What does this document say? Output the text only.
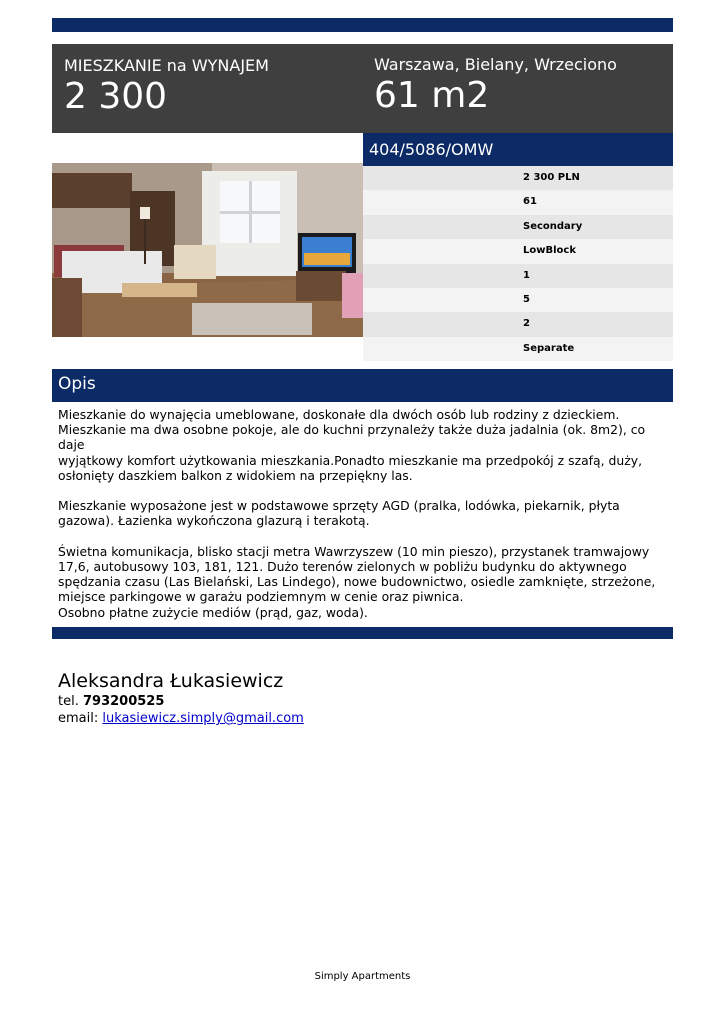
MIESZKANIE na WYNAJEM
2 300
Warszawa, Bielany, Wrzeciono
61 m2
404/5086/OMW
2 300 PLN
61
Secondary
LowBlock
1
5
2
Separate
Opis

Mieszkanie do wynajęcia umeblowane, doskonałe dla dwóch osób lub rodziny z dzieckiem.

Mieszkanie ma dwa osobne pokoje, ale do kuchni przynależy także duża jadalnia (ok. 8m2), co daje

wyjątkowy komfort użytkowania mieszkania.Ponadto mieszkanie ma przedpokój z szafą, duży,

osłonięty daszkiem balkon z widokiem na przepiękny las.

Mieszkanie wyposażone jest w podstawowe sprzęty AGD (pralka, lodówka, piekarnik, płyta

gazowa). Łazienka wykończona glazurą i terakotą.

Świetna komunikacja, blisko stacji metra Wawrzyszew (10 min pieszo), przystanek tramwajowy

17,6, autobusowy 103, 181, 121. Dużo terenów zielonych w pobliżu budynku do aktywnego

spędzania czasu (Las Bielański, Las Lindego), nowe budownictwo, osiedle zamknięte, strzeżone,

miejsce parkingowe w garażu podziemnym w cenie oraz piwnica.

Osobno płatne zużycie mediów (prąd, gaz, woda).

Aleksandra Łukasiewicz
tel. 793200525
email: lukasiewicz.simply@gmail.com
Simply Apartments
